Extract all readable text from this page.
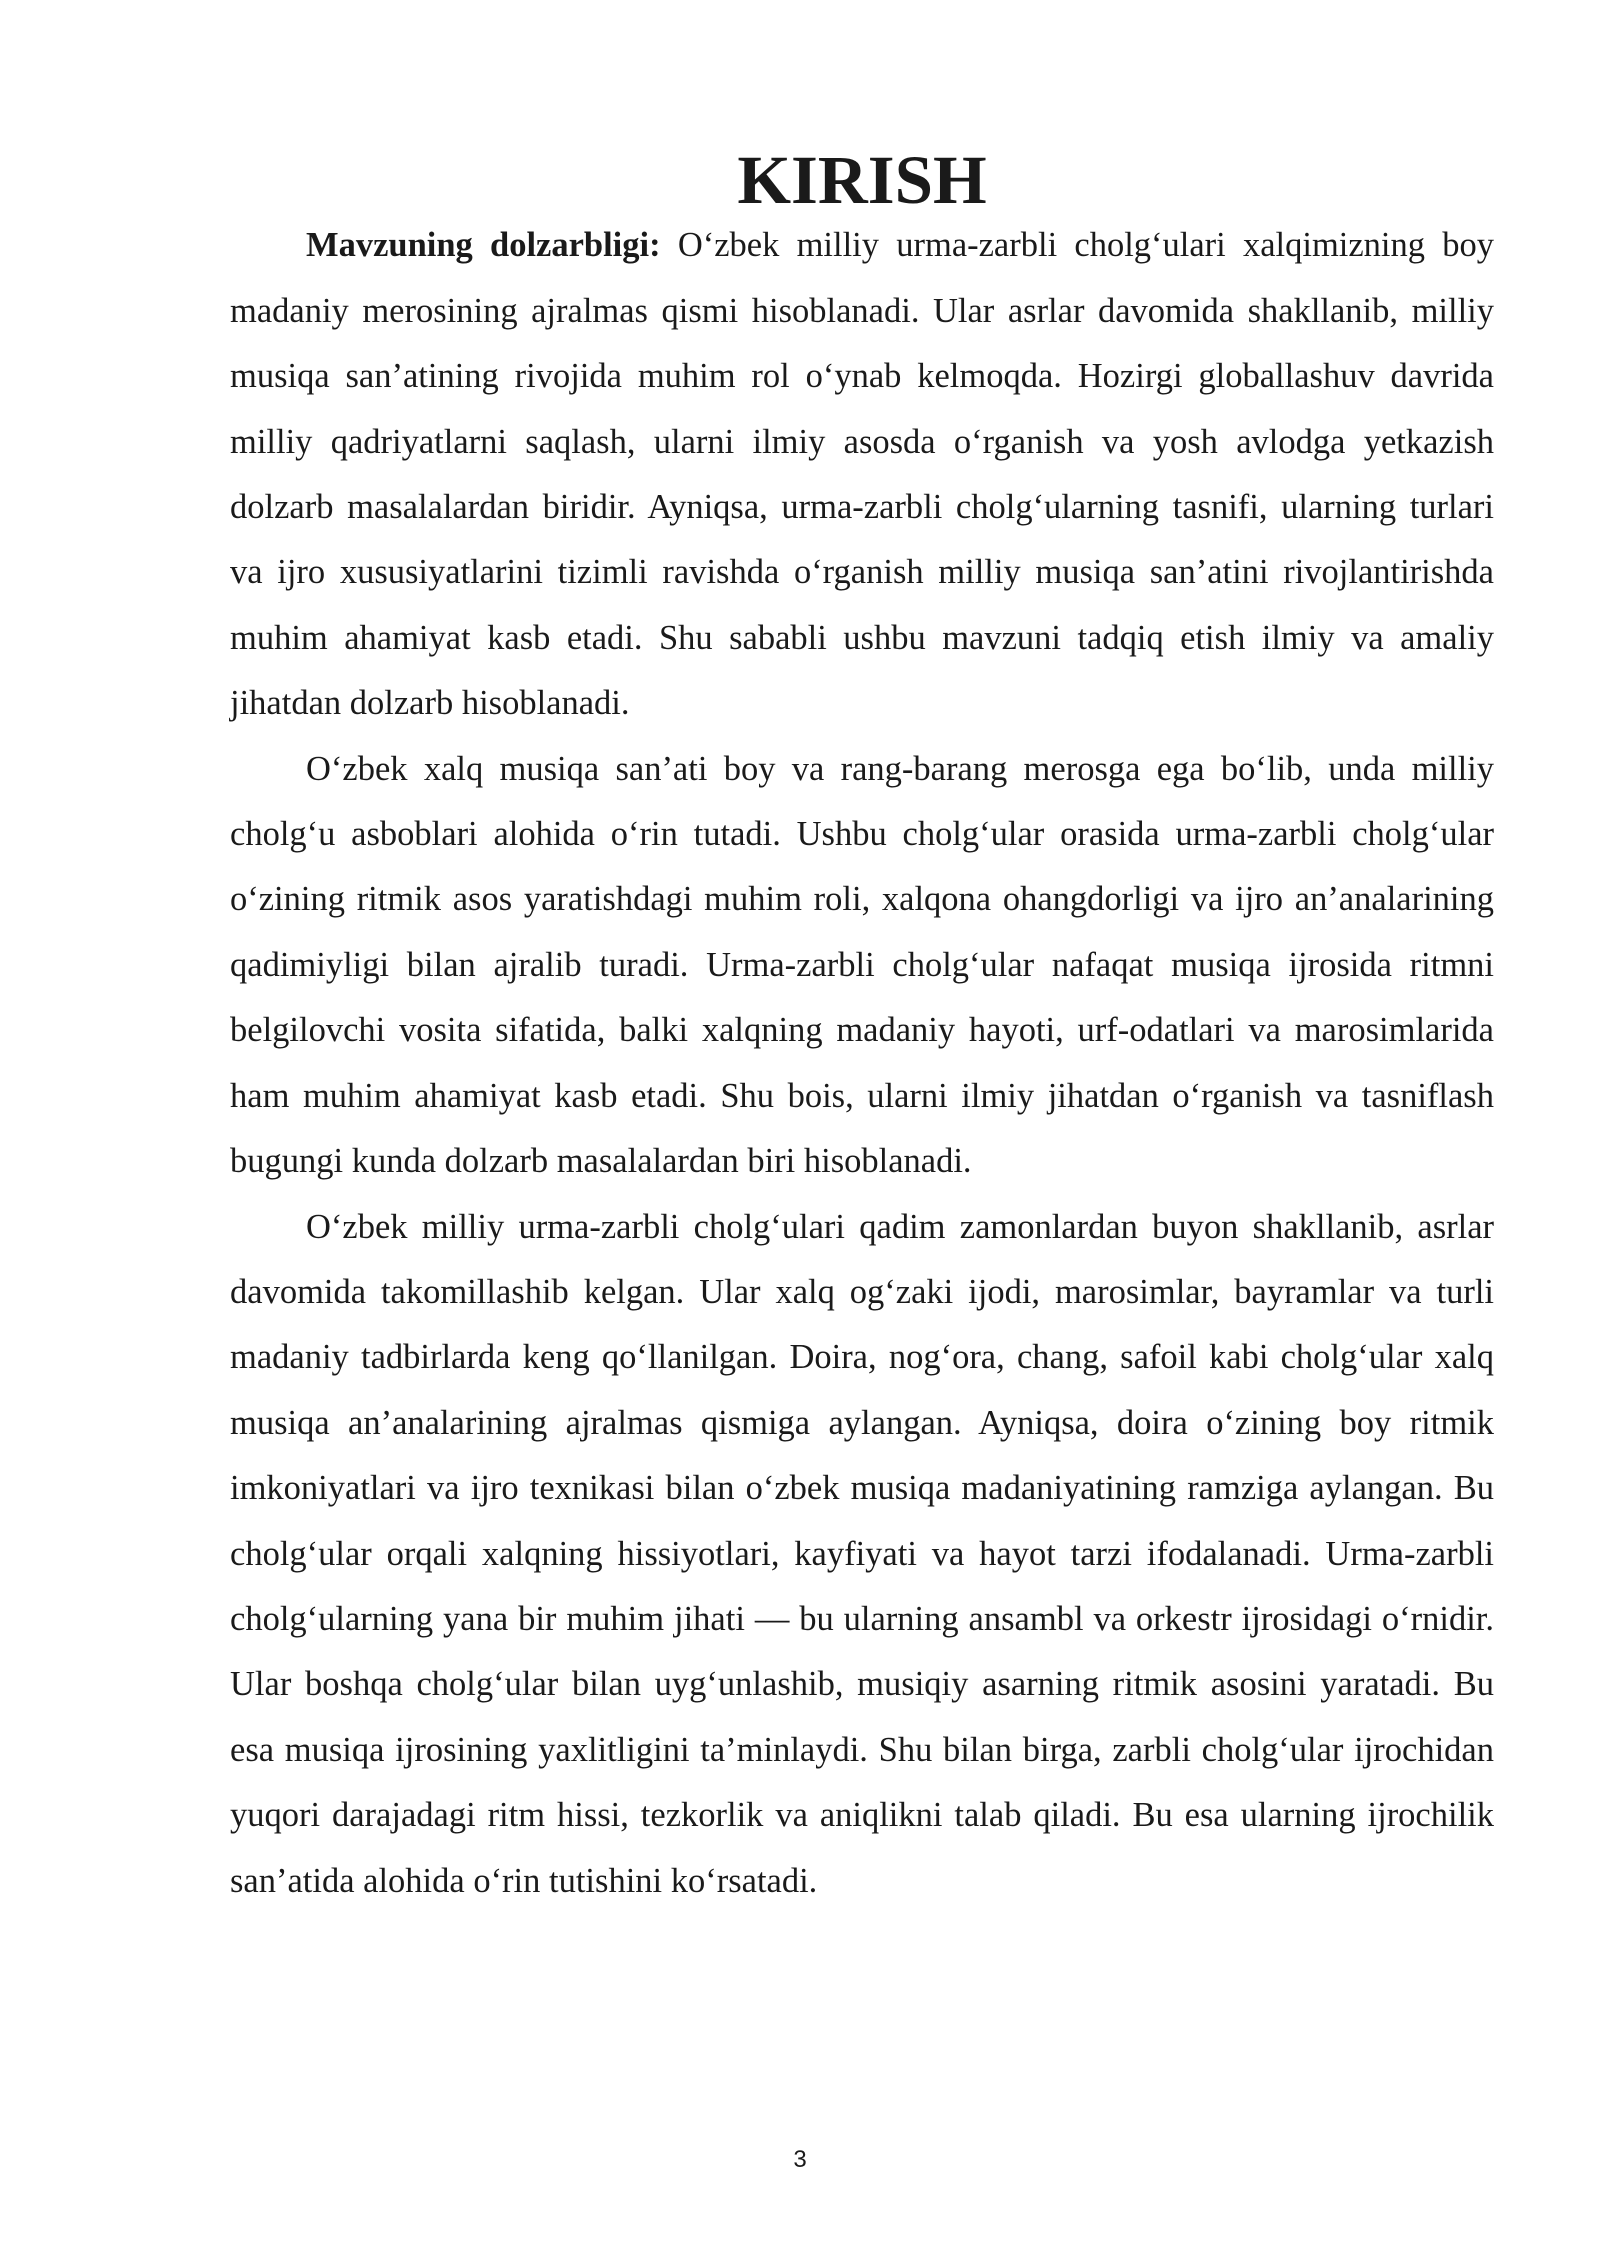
KIRISH

Mavzuning dolzarbligi: O‘zbek milliy urma-zarbli cholg‘ulari xalqimizning boy madaniy merosining ajralmas qismi hisoblanadi. Ular asrlar davomida shakllanib, milliy musiqa san’atining rivojida muhim rol o‘ynab kelmoqda. Hozirgi globallashuv davrida milliy qadriyatlarni saqlash, ularni ilmiy asosda o‘rganish va yosh avlodga yetkazish dolzarb masalalardan biridir. Ayniqsa, urma-zarbli cholg‘ularning tasnifi, ularning turlari va ijro xususiyatlarini tizimli ravishda o‘rganish milliy musiqa san’atini rivojlantirishda muhim ahamiyat kasb etadi. Shu sababli ushbu mavzuni tadqiq etish ilmiy va amaliy jihatdan dolzarb hisoblanadi.

O‘zbek xalq musiqa san’ati boy va rang-barang merosga ega bo‘lib, unda milliy cholg‘u asboblari alohida o‘rin tutadi. Ushbu cholg‘ular orasida urma-zarbli cholg‘ular o‘zining ritmik asos yaratishdagi muhim roli, xalqona ohangdorligi va ijro an’analarining qadimiyligi bilan ajralib turadi. Urma-zarbli cholg‘ular nafaqat musiqa ijrosida ritmni belgilovchi vosita sifatida, balki xalqning madaniy hayoti, urf-odatlari va marosimlarida ham muhim ahamiyat kasb etadi. Shu bois, ularni ilmiy jihatdan o‘rganish va tasniflash bugungi kunda dolzarb masalalardan biri hisoblanadi.

O‘zbek milliy urma-zarbli cholg‘ulari qadim zamonlardan buyon shakllanib, asrlar davomida takomillashib kelgan. Ular xalq og‘zaki ijodi, marosimlar, bayramlar va turli madaniy tadbirlarda keng qo‘llanilgan. Doira, nog‘ora, chang, safoil kabi cholg‘ular xalq musiqa an’analarining ajralmas qismiga aylangan. Ayniqsa, doira o‘zining boy ritmik imkoniyatlari va ijro texnikasi bilan o‘zbek musiqa madaniyatining ramziga aylangan. Bu cholg‘ular orqali xalqning hissiyotlari, kayfiyati va hayot tarzi ifodalanadi. Urma-zarbli cholg‘ularning yana bir muhim jihati — bu ularning ansambl va orkestr ijrosidagi o‘rnidir. Ular boshqa cholg‘ular bilan uyg‘unlashib, musiqiy asarning ritmik asosini yaratadi. Bu esa musiqa ijrosining yaxlitligini ta’minlaydi. Shu bilan birga, zarbli cholg‘ular ijrochidan yuqori darajadagi ritm hissi, tezkorlik va aniqlikni talab qiladi. Bu esa ularning ijrochilik san’atida alohida o‘rin tutishini ko‘rsatadi.

3
